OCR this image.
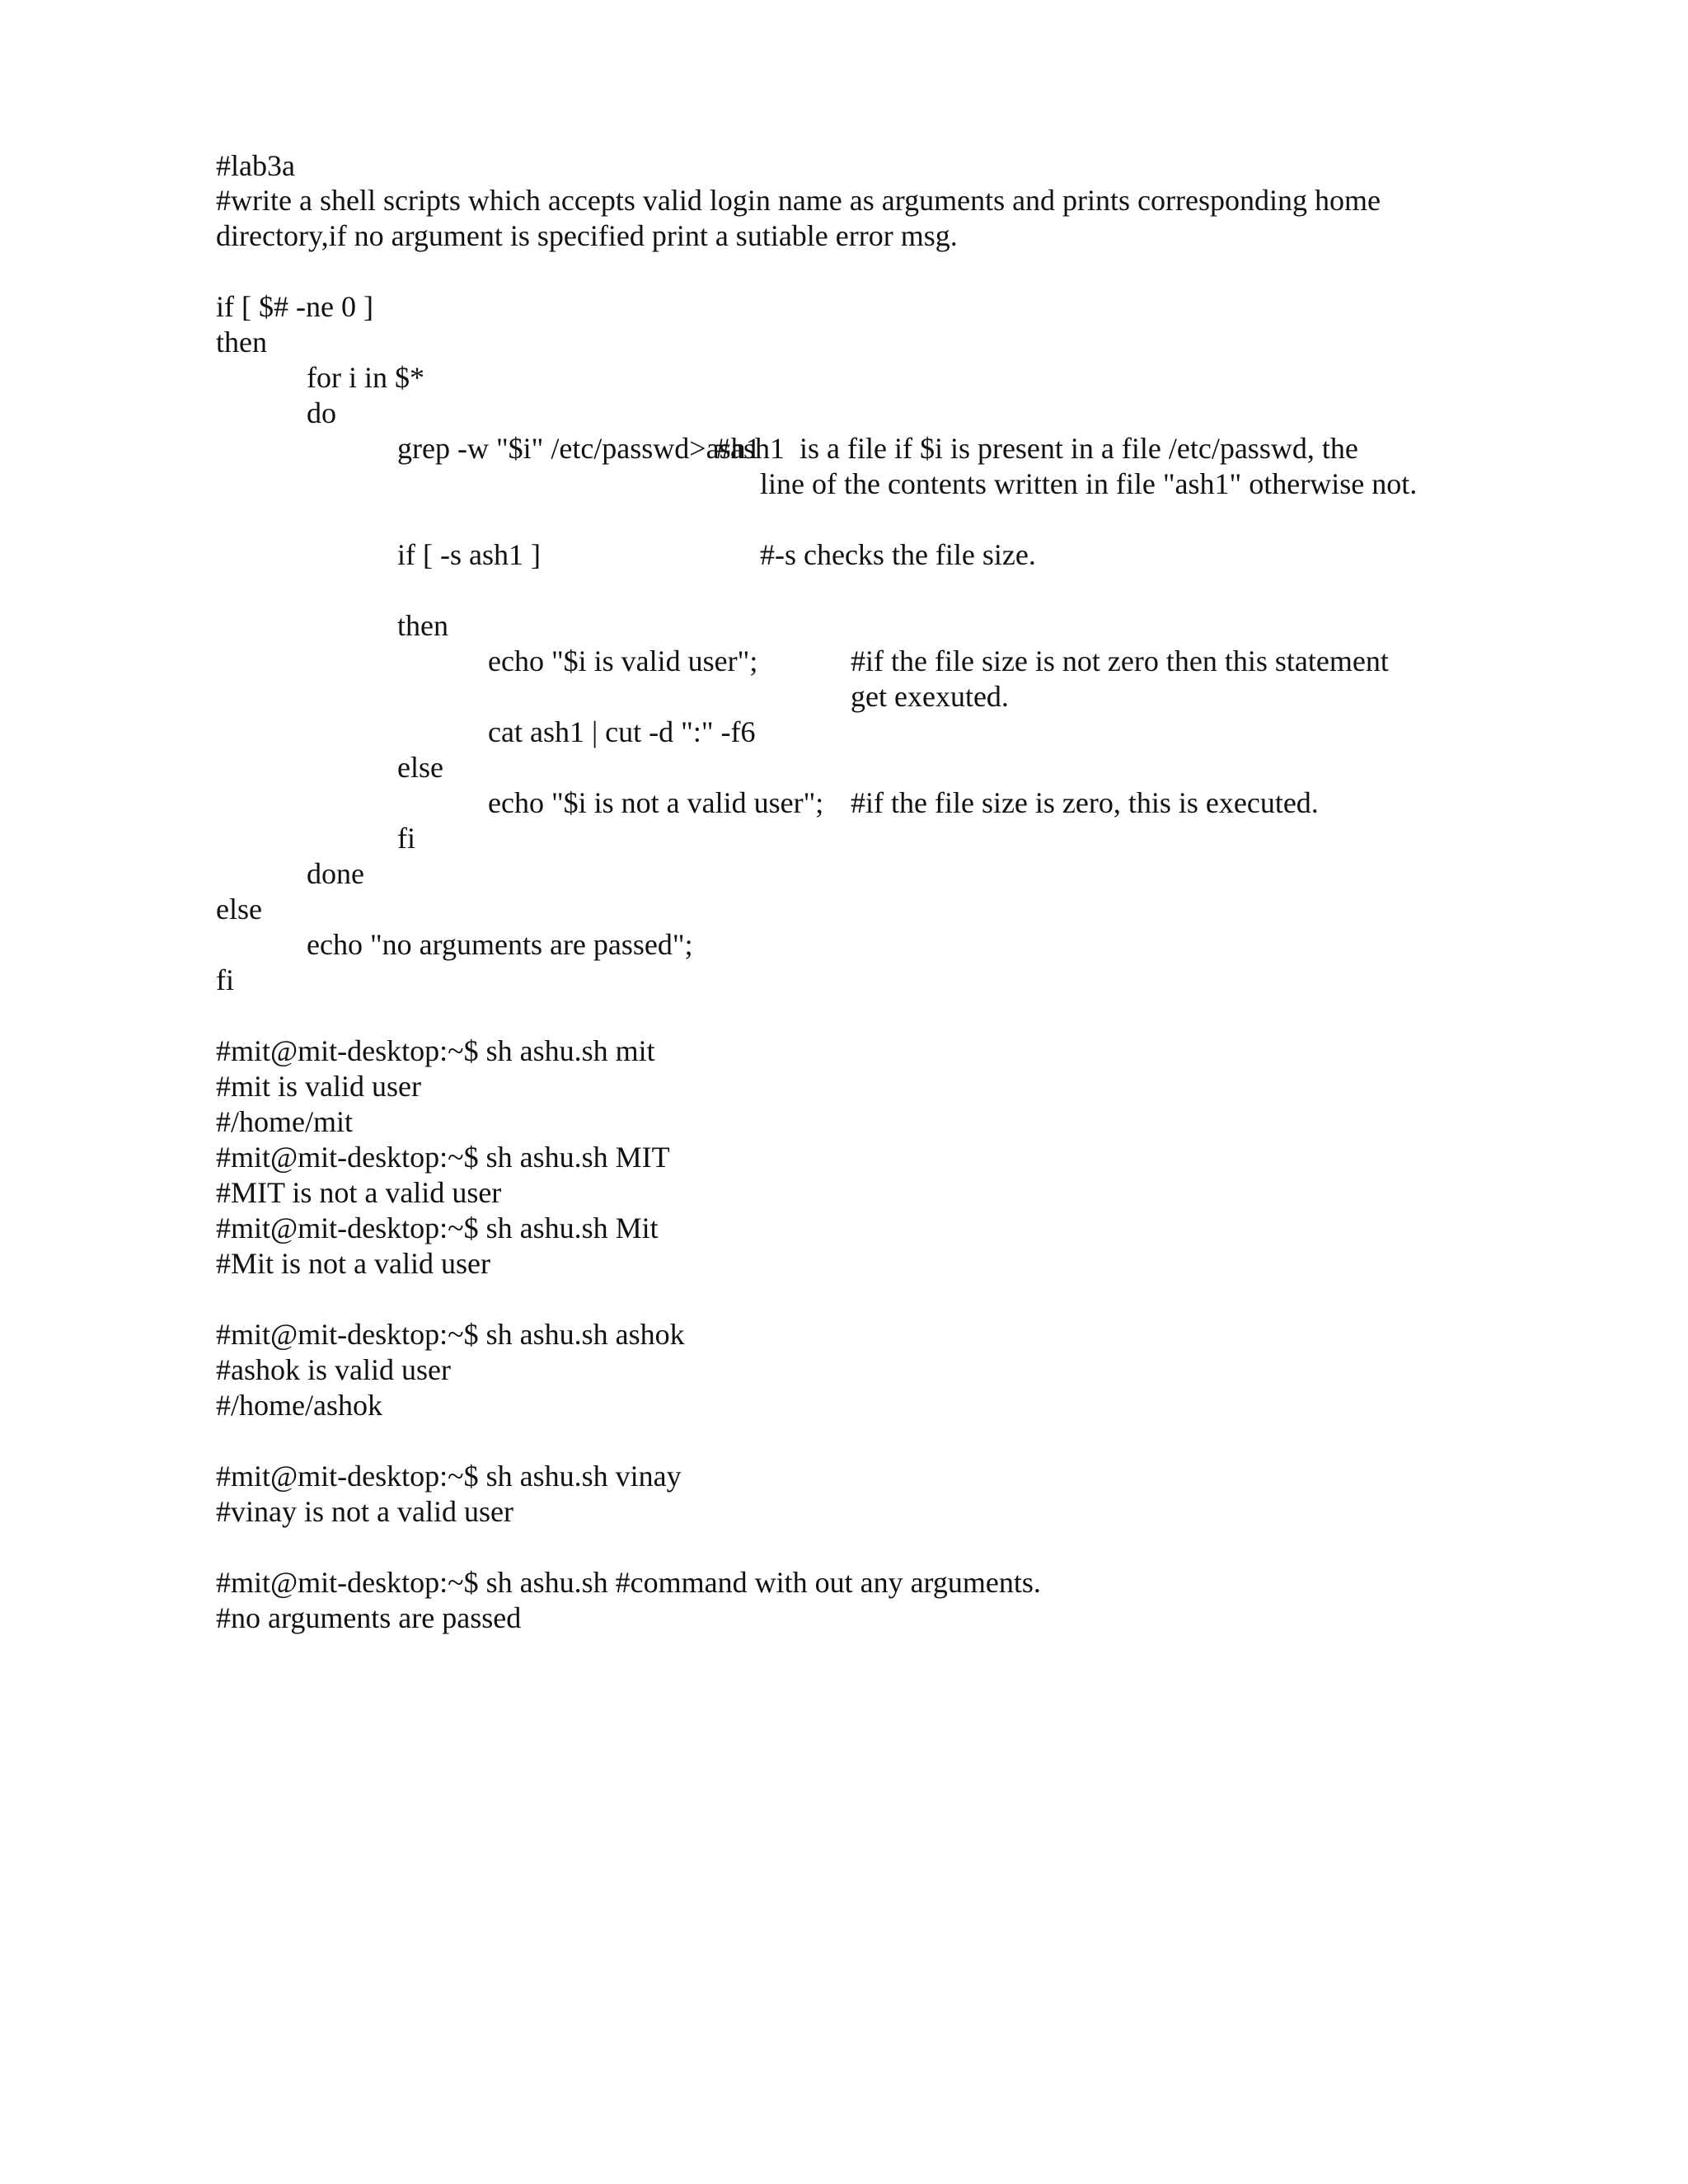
#lab3a
#write a shell scripts which accepts valid login name as arguments and prints corresponding home
directory,if no argument is specified print a sutiable error msg.
if [ $# -ne 0 ]
then
for i in $*
do
grep -w "$i" /etc/passwd>ash1
#ash1  is a file if $i is present in a file /etc/passwd, the
line of the contents written in file "ash1" otherwise not.
if [ -s ash1 ]	#-s checks the file size.
then
echo "$i is valid user";	#if the file size is not zero then this statement
get exexuted.
cat ash1 | cut -d ":" -f6
else
echo "$i is not a valid user"; #if the file size is zero, this is executed.
fi
done
else
echo "no arguments are passed";
fi
#mit@mit-desktop:~$ sh ashu.sh mit
#mit is valid user
#/home/mit
#mit@mit-desktop:~$ sh ashu.sh MIT
#MIT is not a valid user
#mit@mit-desktop:~$ sh ashu.sh Mit
#Mit is not a valid user
#mit@mit-desktop:~$ sh ashu.sh ashok
#ashok is valid user
#/home/ashok
#mit@mit-desktop:~$ sh ashu.sh vinay
#vinay is not a valid user
#mit@mit-desktop:~$ sh ashu.sh #command with out any arguments.
#no arguments are passed
